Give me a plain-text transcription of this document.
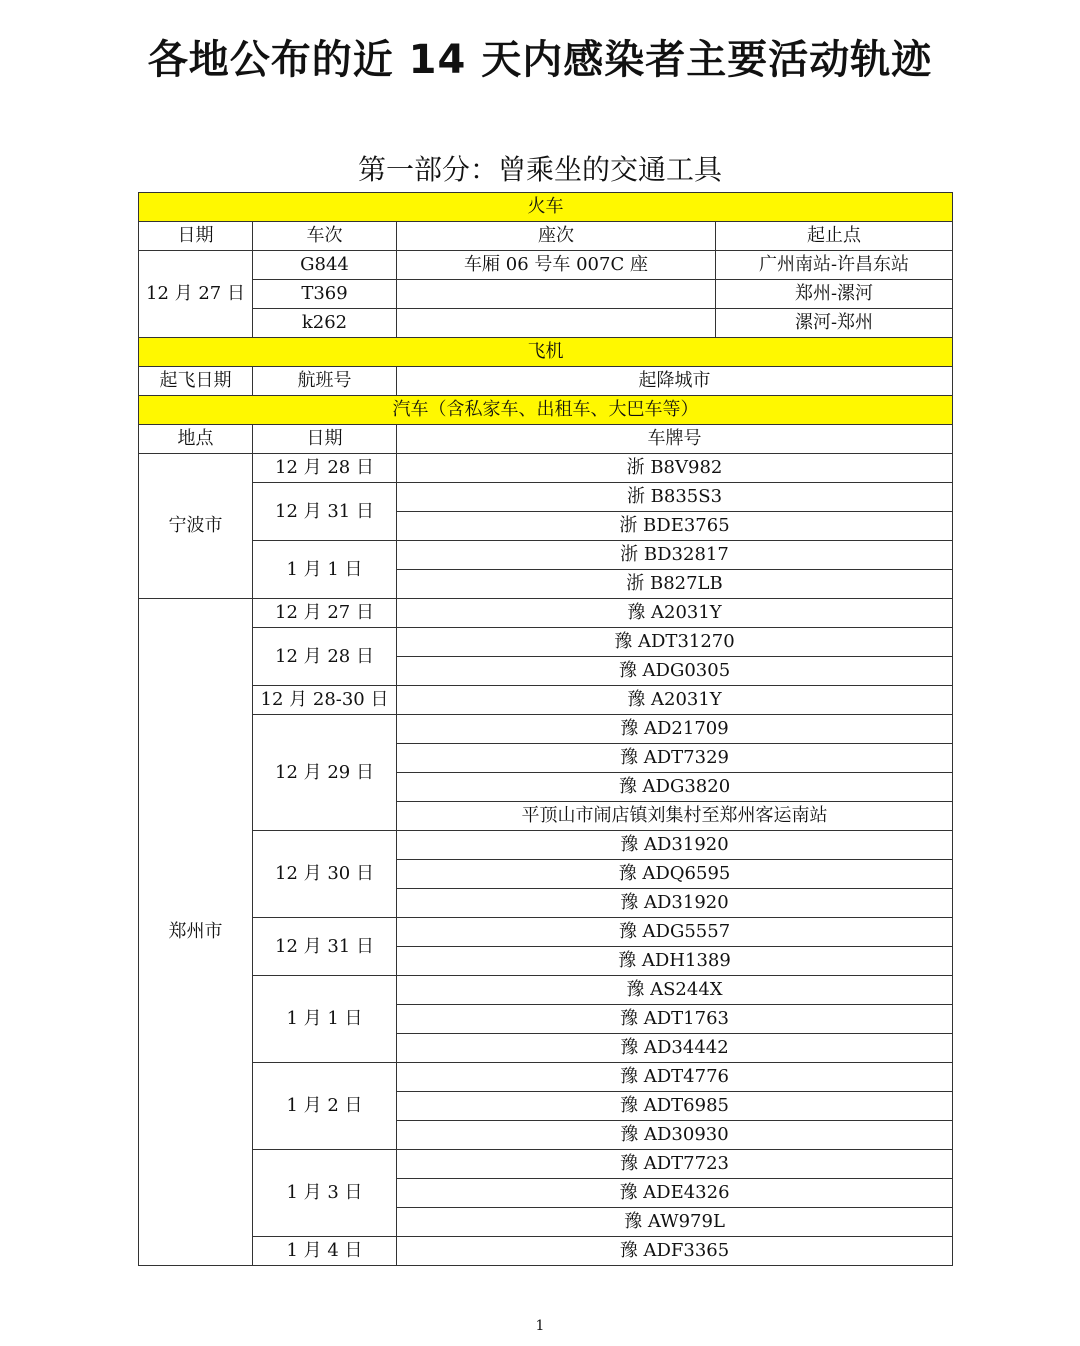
各地公布的近 14 天内感染者主要活动轨迹
第一部分：曾乘坐的交通工具
火车			
日期	车次	座次	起止点
12 月 27 日	G844	车厢 06 号车 007C 座	广州南站-许昌东站
	T369		郑州-漯河
	k262		漯河-郑州
飞机			
起飞日期	航班号	起降城市	
汽车（含私家车、出租车、大巴车等）			
地点	日期	车牌号	
宁波市	12 月 28 日	浙 B8V982	
	12 月 31 日	浙 B835S3	
		浙 BDE3765	
	1 月 1 日	浙 BD32817	
		浙 B827LB	
郑州市	12 月 27 日	豫 A2031Y	
	12 月 28 日	豫 ADT31270	
		豫 ADG0305	
	12 月 28-30 日	豫 A2031Y	
	12 月 29 日	豫 AD21709	
		豫 ADT7329	
		豫 ADG3820	
		平顶山市闹店镇刘集村至郑州客运南站	
	12 月 30 日	豫 AD31920	
		豫 ADQ6595	
		豫 AD31920	
	12 月 31 日	豫 ADG5557	
		豫 ADH1389	
	1 月 1 日	豫 AS244X	
		豫 ADT1763	
		豫 AD34442	
	1 月 2 日	豫 ADT4776	
		豫 ADT6985	
		豫 AD30930	
	1 月 3 日	豫 ADT7723	
		豫 ADE4326	
		豫 AW979L	
	1 月 4 日	豫 ADF3365	
1
